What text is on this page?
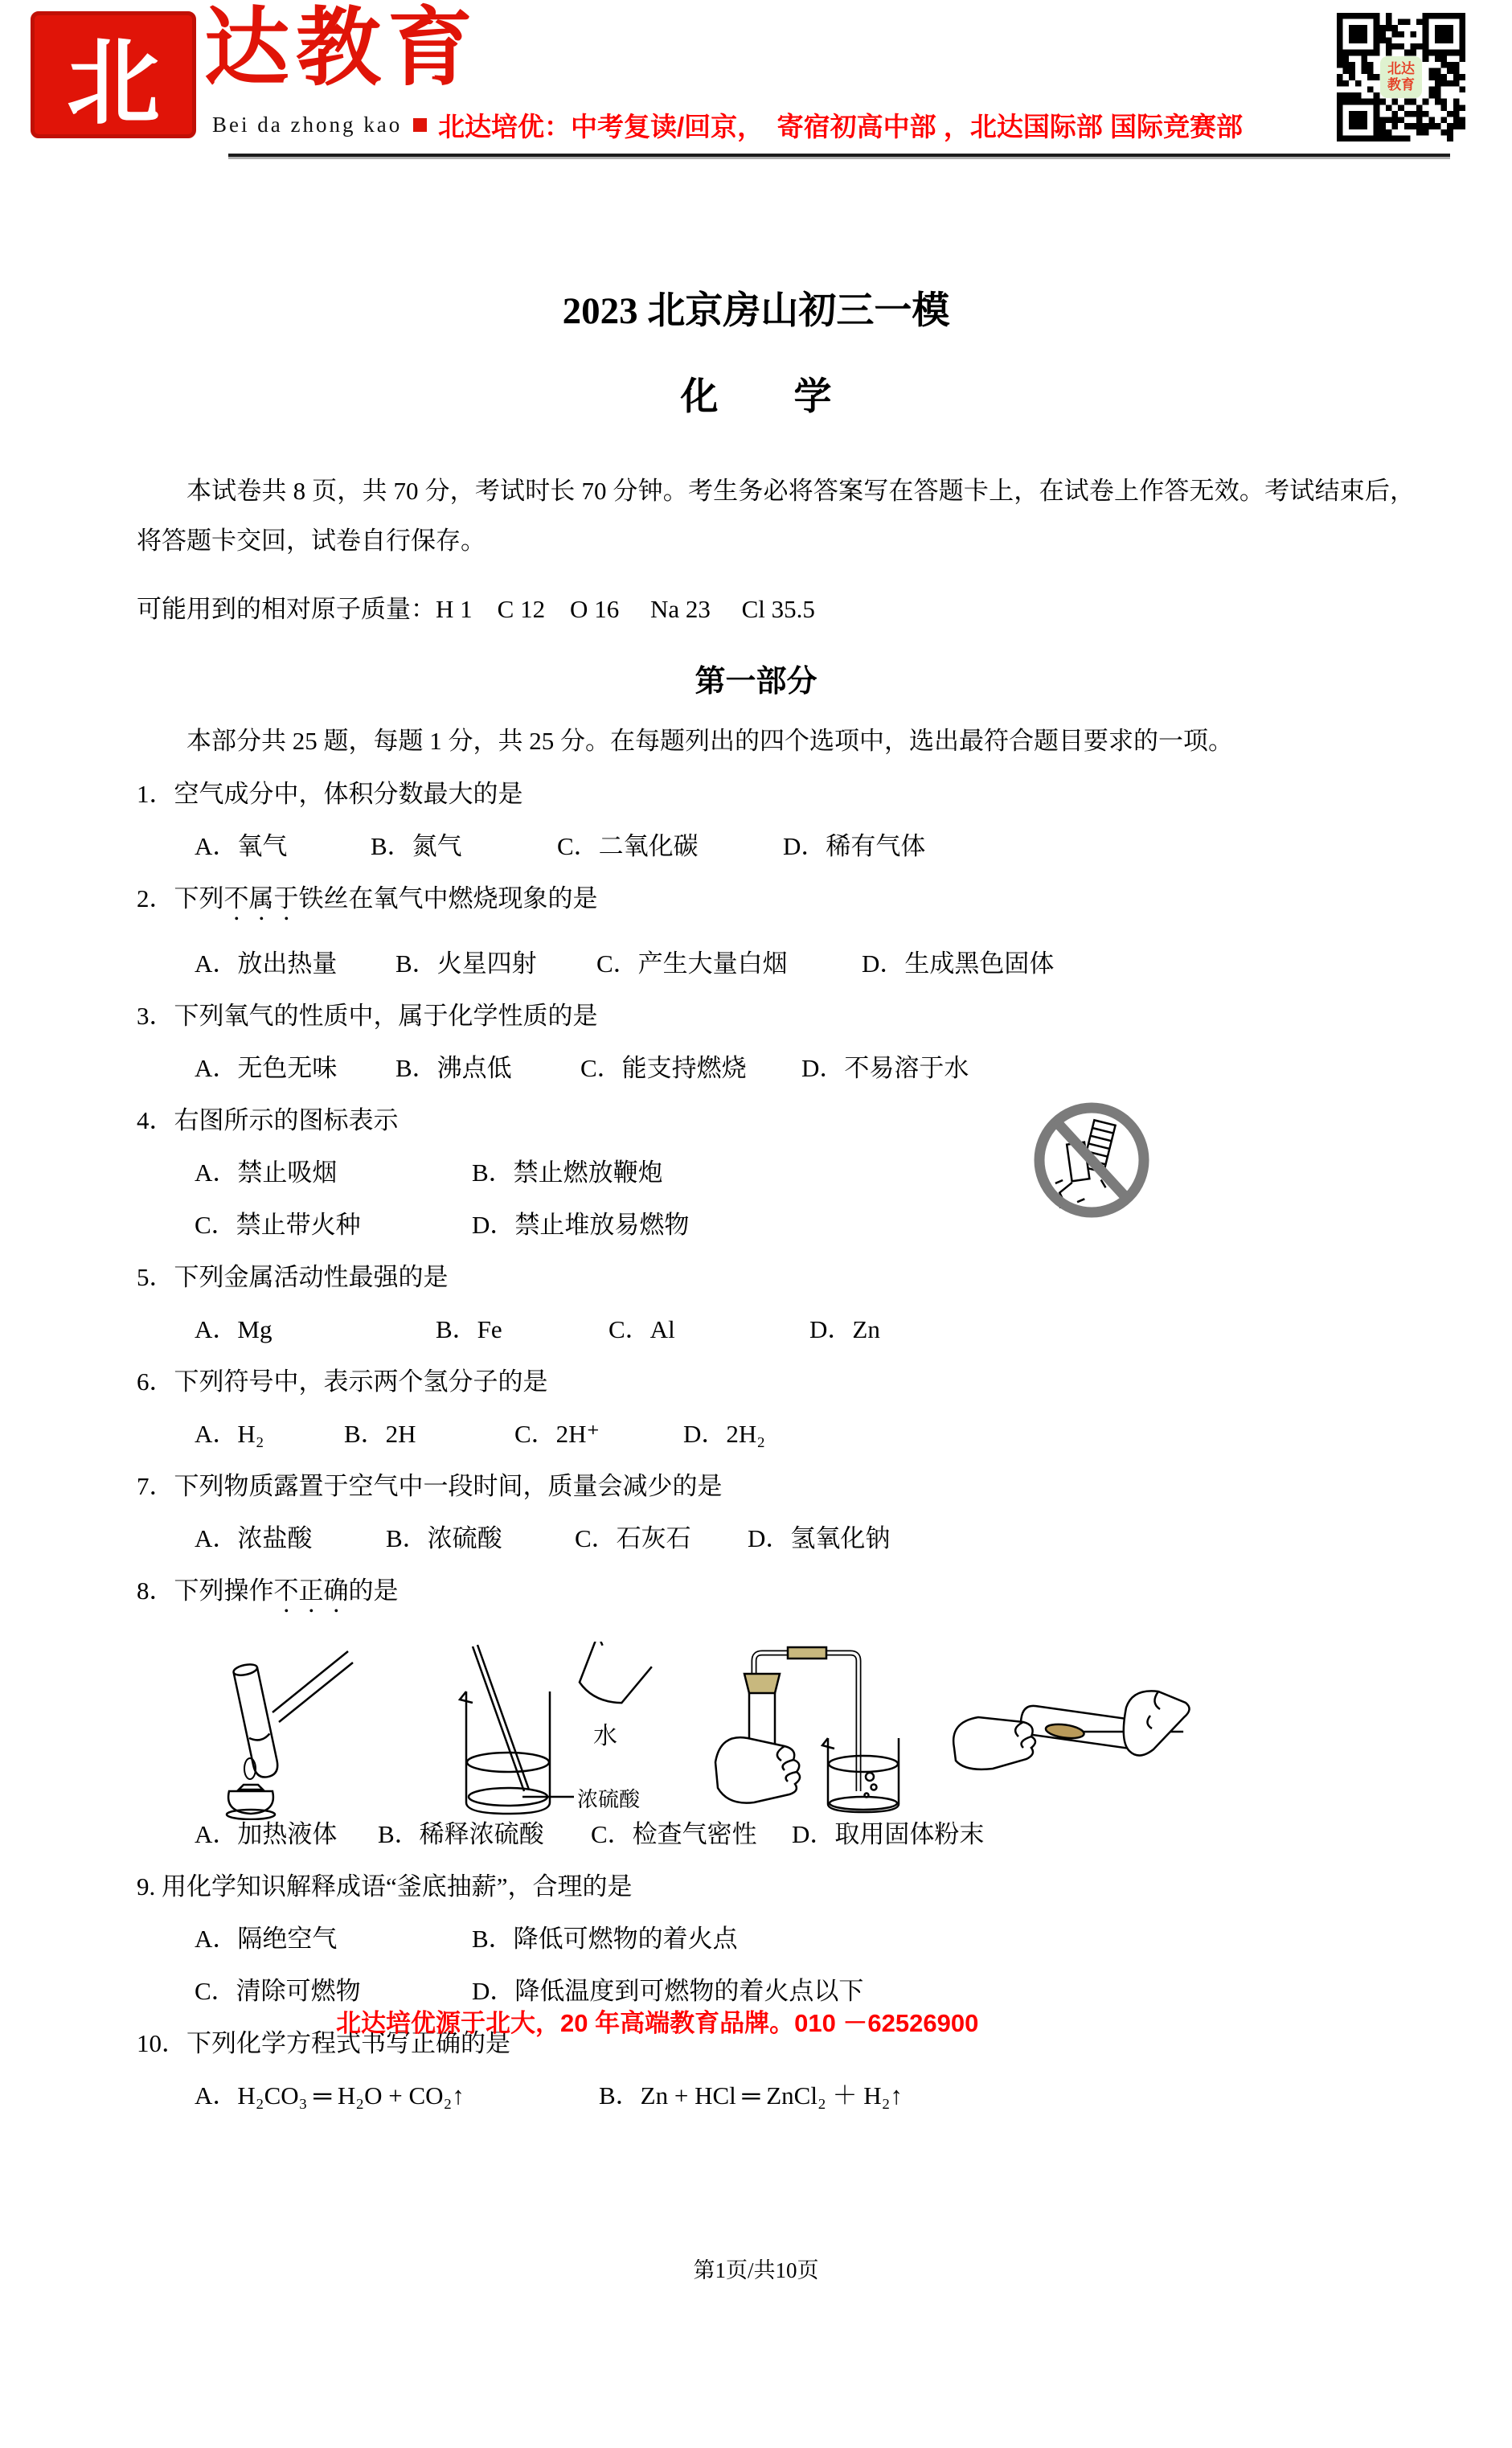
北 达教育
Bei da zhong kao	北达培优：中考复读/回京，　寄宿初高中部 ，北达国际部 国际竞赛部
北达
教育
2023 北京房山初三一模
化　　学
本试卷共 8 页，共 70 分，考试时长 70 分钟。考生务必将答案写在答题卡上，在试卷上作答无效。考试结束后，将答题卡交回，试卷自行保存。
可能用到的相对原子质量：H 1　C 12　O 16　 Na 23　 Cl 35.5
第一部分
本部分共 25 题，每题 1 分，共 25 分。在每题列出的四个选项中，选出最符合题目要求的一项。
1．空气成分中，体积分数最大的是
A．氧气	B．氮气	C．二氧化碳	D．稀有气体
2．下列不属于铁丝在氧气中燃烧现象的是
A．放出热量 B．火星四射 C．产生大量白烟	D．生成黑色固体
3．下列氧气的性质中，属于化学性质的是
A．无色无味 B．沸点低	C．能支持燃烧 D．不易溶于水
4．右图所示的图标表示
A．禁止吸烟	B．禁止燃放鞭炮
C．禁止带火种	D．禁止堆放易燃物
5．下列金属活动性最强的是
A．Mg	B．Fe	C．Al	D．Zn
6．下列符号中，表示两个氢分子的是
A．H₂	B．2H	C．2H⁺	D．2H₂
7．下列物质露置于空气中一段时间，质量会减少的是
A．浓盐酸	B．浓硫酸	C．石灰石 D．氢氧化钠
8．下列操作不正确的是
水
浓硫酸
A．加热液体 B．稀释浓硫酸 C．检查气密性 D．取用固体粉末
9. 用化学知识解释成语“釜底抽薪”，合理的是
A．隔绝空气	B．降低可燃物的着火点
C．清除可燃物	D．降低温度到可燃物的着火点以下
北达培优源于北大，20 年高端教育品牌。010 －62526900
10．下列化学方程式书写正确的是
A．H₂CO₃ ═ H₂O + CO₂↑	B．Zn + HCl ═ ZnCl₂ ＋ H₂↑
第1页/共10页
